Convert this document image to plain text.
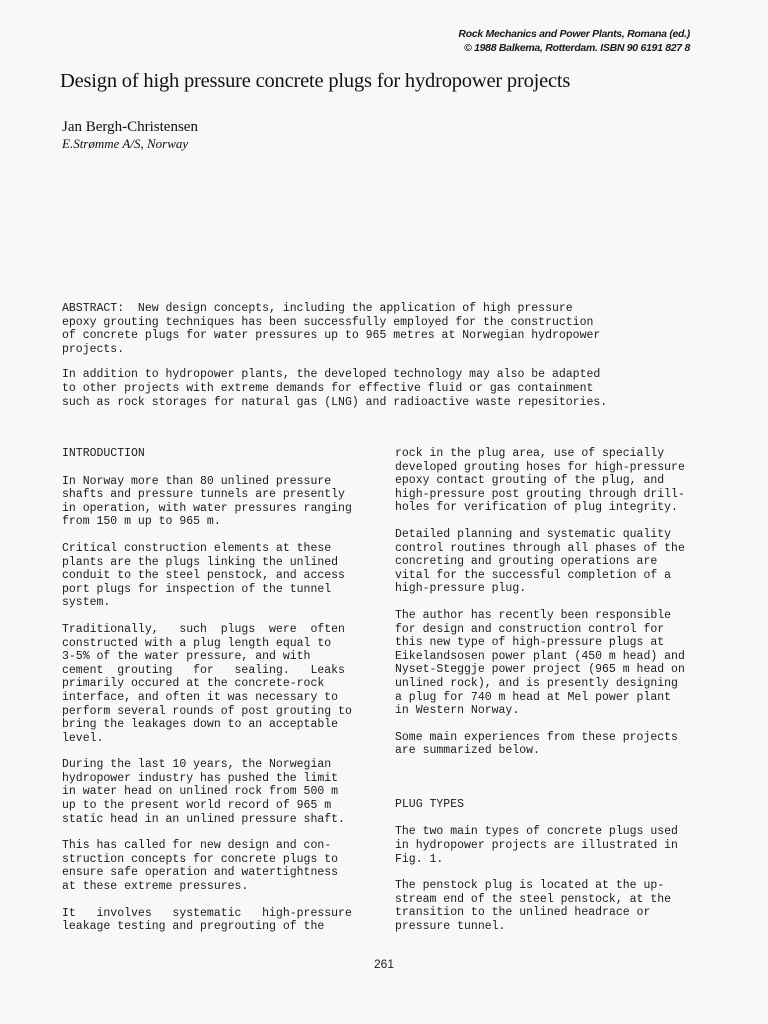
Rock Mechanics and Power Plants, Romana (ed.)
© 1988 Balkema, Rotterdam. ISBN 90 6191 827 8
Design of high pressure concrete plugs for hydropower projects
Jan Bergh-Christensen
E.Strømme A/S, Norway

ABSTRACT:  New design concepts, including the application of high pressure
epoxy grouting techniques has been successfully employed for the construction
of concrete plugs for water pressures up to 965 metres at Norwegian hydropower
projects.

In addition to hydropower plants, the developed technology may also be adapted
to other projects with extreme demands for effective fluid or gas containment
such as rock storages for natural gas (LNG) and radioactive waste repesitories.

INTRODUCTION

In Norway more than 80 unlined pressure
shafts and pressure tunnels are presently
in operation, with water pressures ranging
from 150 m up to 965 m.

Critical construction elements at these
plants are the plugs linking the unlined
conduit to the steel penstock, and access
port plugs for inspection of the tunnel
system.

Traditionally,   such  plugs  were  often
constructed with a plug length equal to
3-5% of the water pressure, and with
cement  grouting   for   sealing.   Leaks
primarily occured at the concrete-rock
interface, and often it was necessary to
perform several rounds of post grouting to
bring the leakages down to an acceptable
level.

During the last 10 years, the Norwegian
hydropower industry has pushed the limit
in water head on unlined rock from 500 m
up to the present world record of 965 m
static head in an unlined pressure shaft.

This has called for new design and con-
struction concepts for concrete plugs to
ensure safe operation and watertightness
at these extreme pressures.

It   involves   systematic   high-pressure
leakage testing and pregrouting of the

rock in the plug area, use of specially
developed grouting hoses for high-pressure
epoxy contact grouting of the plug, and
high-pressure post grouting through drill-
holes for verification of plug integrity.

Detailed planning and systematic quality
control routines through all phases of the
concreting and grouting operations are
vital for the successful completion of a
high-pressure plug.

The author has recently been responsible
for design and construction control for
this new type of high-pressure plugs at
Eikelandsosen power plant (450 m head) and
Nyset-Steggje power project (965 m head on
unlined rock), and is presently designing
a plug for 740 m head at Mel power plant
in Western Norway.

Some main experiences from these projects
are summarized below.

PLUG TYPES

The two main types of concrete plugs used
in hydropower projects are illustrated in
Fig. 1.

The penstock plug is located at the up-
stream end of the steel penstock, at the
transition to the unlined headrace or
pressure tunnel.

261
